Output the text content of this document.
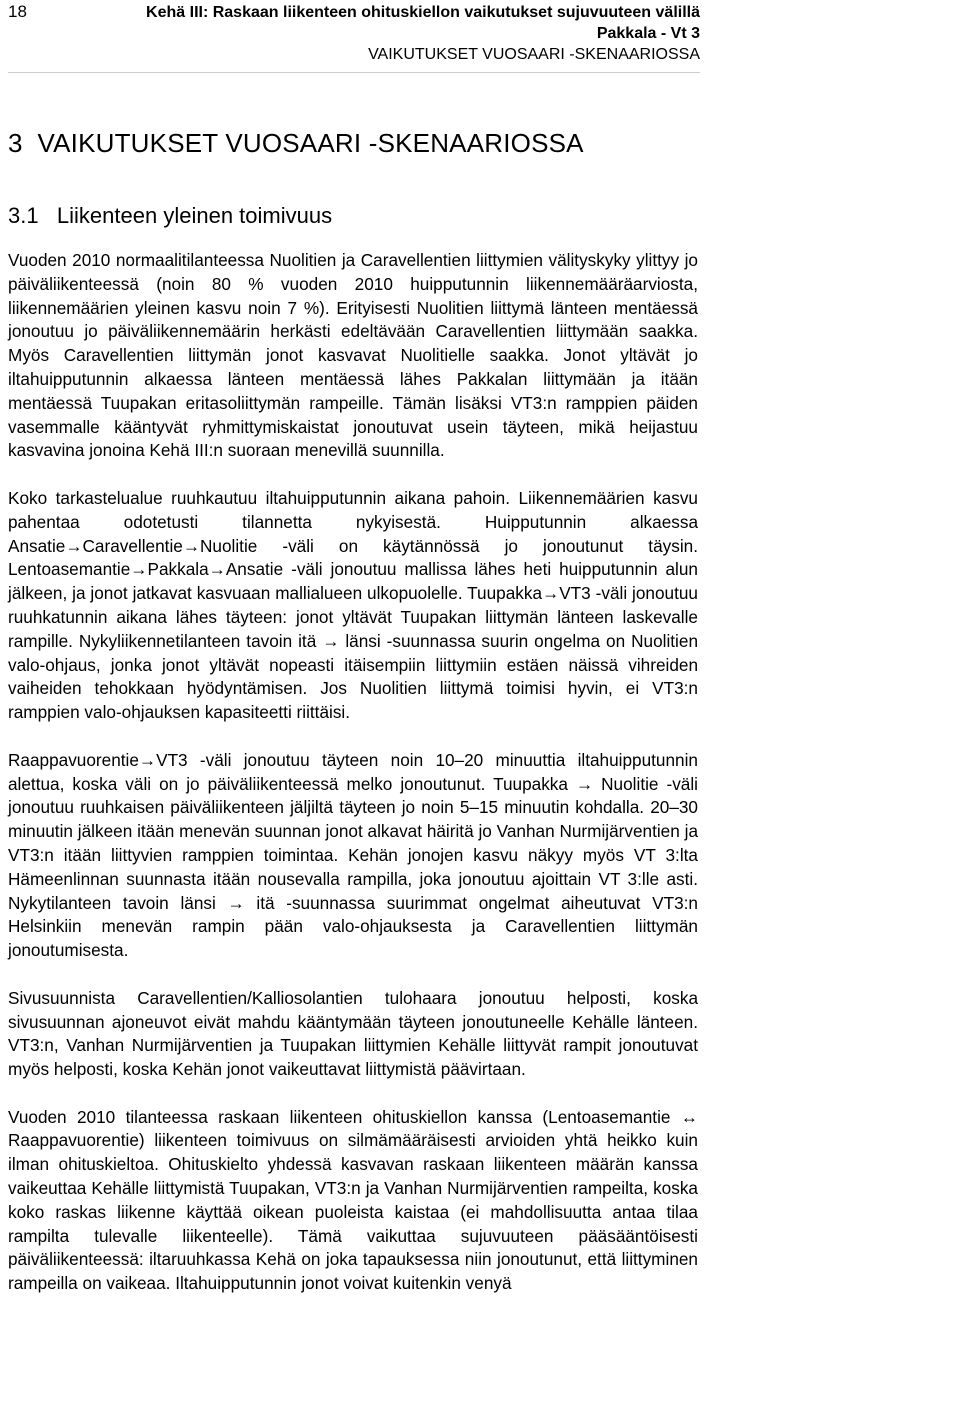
18	Kehä III: Raskaan liikenteen ohituskiellon vaikutukset sujuvuuteen välillä
Pakkala - Vt 3
VAIKUTUKSET VUOSAARI -SKENAARIOSSA
3  VAIKUTUKSET VUOSAARI -SKENAARIOSSA
3.1   Liikenteen yleinen toimivuus

Vuoden 2010 normaalitilanteessa Nuolitien ja Caravellentien liittymien välityskyky ylittyy jo päiväliikenteessä (noin 80 % vuoden 2010 huipputunnin liikennemääräarviosta, liikennemäärien yleinen kasvu noin 7 %). Erityisesti Nuolitien liittymä länteen mentäessä jonoutuu jo päiväliikennemäärin herkästi edeltävään Caravellentien liittymään saakka. Myös Caravellentien liittymän jonot kasvavat Nuolitielle saakka. Jonot yltävät jo iltahuipputunnin alkaessa länteen mentäessä lähes Pakkalan liittymään ja itään mentäessä Tuupakan eritasoliittymän rampeille. Tämän lisäksi VT3:n ramppien päiden vasemmalle kääntyvät ryhmittymiskaistat jonoutuvat usein täyteen, mikä heijastuu kasvavina jonoina Kehä III:n suoraan menevillä suunnilla.

Koko tarkastelualue ruuhkautuu iltahuipputunnin aikana pahoin. Liikennemäärien kasvu pahentaa odotetusti tilannetta nykyisestä. Huipputunnin alkaessa Ansatie→Caravellentie→Nuolitie -väli on käytännössä jo jonoutunut täysin. Lentoasemantie→Pakkala→Ansatie -väli jonoutuu mallissa lähes heti huipputunnin alun jälkeen, ja jonot jatkavat kasvuaan mallialueen ulkopuolelle. Tuupakka→VT3 -väli jonoutuu ruuhkatunnin aikana lähes täyteen: jonot yltävät Tuupakan liittymän länteen laskevalle rampille. Nykyliikennetilanteen tavoin itä → länsi -suunnassa suurin ongelma on Nuolitien valo-ohjaus, jonka jonot yltävät nopeasti itäisempiin liittymiin estäen näissä vihreiden vaiheiden tehokkaan hyödyntämisen. Jos Nuolitien liittymä toimisi hyvin, ei VT3:n ramppien valo-ohjauksen kapasiteetti riittäisi.

Raappavuorentie→VT3 -väli jonoutuu täyteen noin 10–20 minuuttia iltahuipputunnin alettua, koska väli on jo päiväliikenteessä melko jonoutunut. Tuupakka → Nuolitie -väli jonoutuu ruuhkaisen päiväliikenteen jäljiltä täyteen jo noin 5–15 minuutin kohdalla. 20–30 minuutin jälkeen itään menevän suunnan jonot alkavat häiritä jo Vanhan Nurmijärventien ja VT3:n itään liittyvien ramppien toimintaa. Kehän jonojen kasvu näkyy myös VT 3:lta Hämeenlinnan suunnasta itään nousevalla rampilla, joka jonoutuu ajoittain VT 3:lle asti. Nykytilanteen tavoin länsi → itä -suunnassa suurimmat ongelmat aiheutuvat VT3:n Helsinkiin menevän rampin pään valo-ohjauksesta ja Caravellentien liittymän jonoutumisesta.

Sivusuunnista Caravellentien/Kalliosolantien tulohaara jonoutuu helposti, koska sivusuunnan ajoneuvot eivät mahdu kääntymään täyteen jonoutuneelle Kehälle länteen. VT3:n, Vanhan Nurmijärventien ja Tuupakan liittymien Kehälle liittyvät rampit jonoutuvat myös helposti, koska Kehän jonot vaikeuttavat liittymistä päävirtaan.

Vuoden 2010 tilanteessa raskaan liikenteen ohituskiellon kanssa (Lentoasemantie ↔ Raappavuorentie) liikenteen toimivuus on silmämääräisesti arvioiden yhtä heikko kuin ilman ohituskieltoa. Ohituskielto yhdessä kasvavan raskaan liikenteen määrän kanssa vaikeuttaa Kehälle liittymistä Tuupakan, VT3:n ja Vanhan Nurmijärventien rampeilta, koska koko raskas liikenne käyttää oikean puoleista kaistaa (ei mahdollisuutta antaa tilaa rampilta tulevalle liikenteelle). Tämä vaikuttaa sujuvuuteen pääsääntöisesti päiväliikenteessä: iltaruuhkassa Kehä on joka tapauksessa niin jonoutunut, että liittyminen rampeilla on vaikeaa. Iltahuipputunnin jonot voivat kuitenkin venyä
